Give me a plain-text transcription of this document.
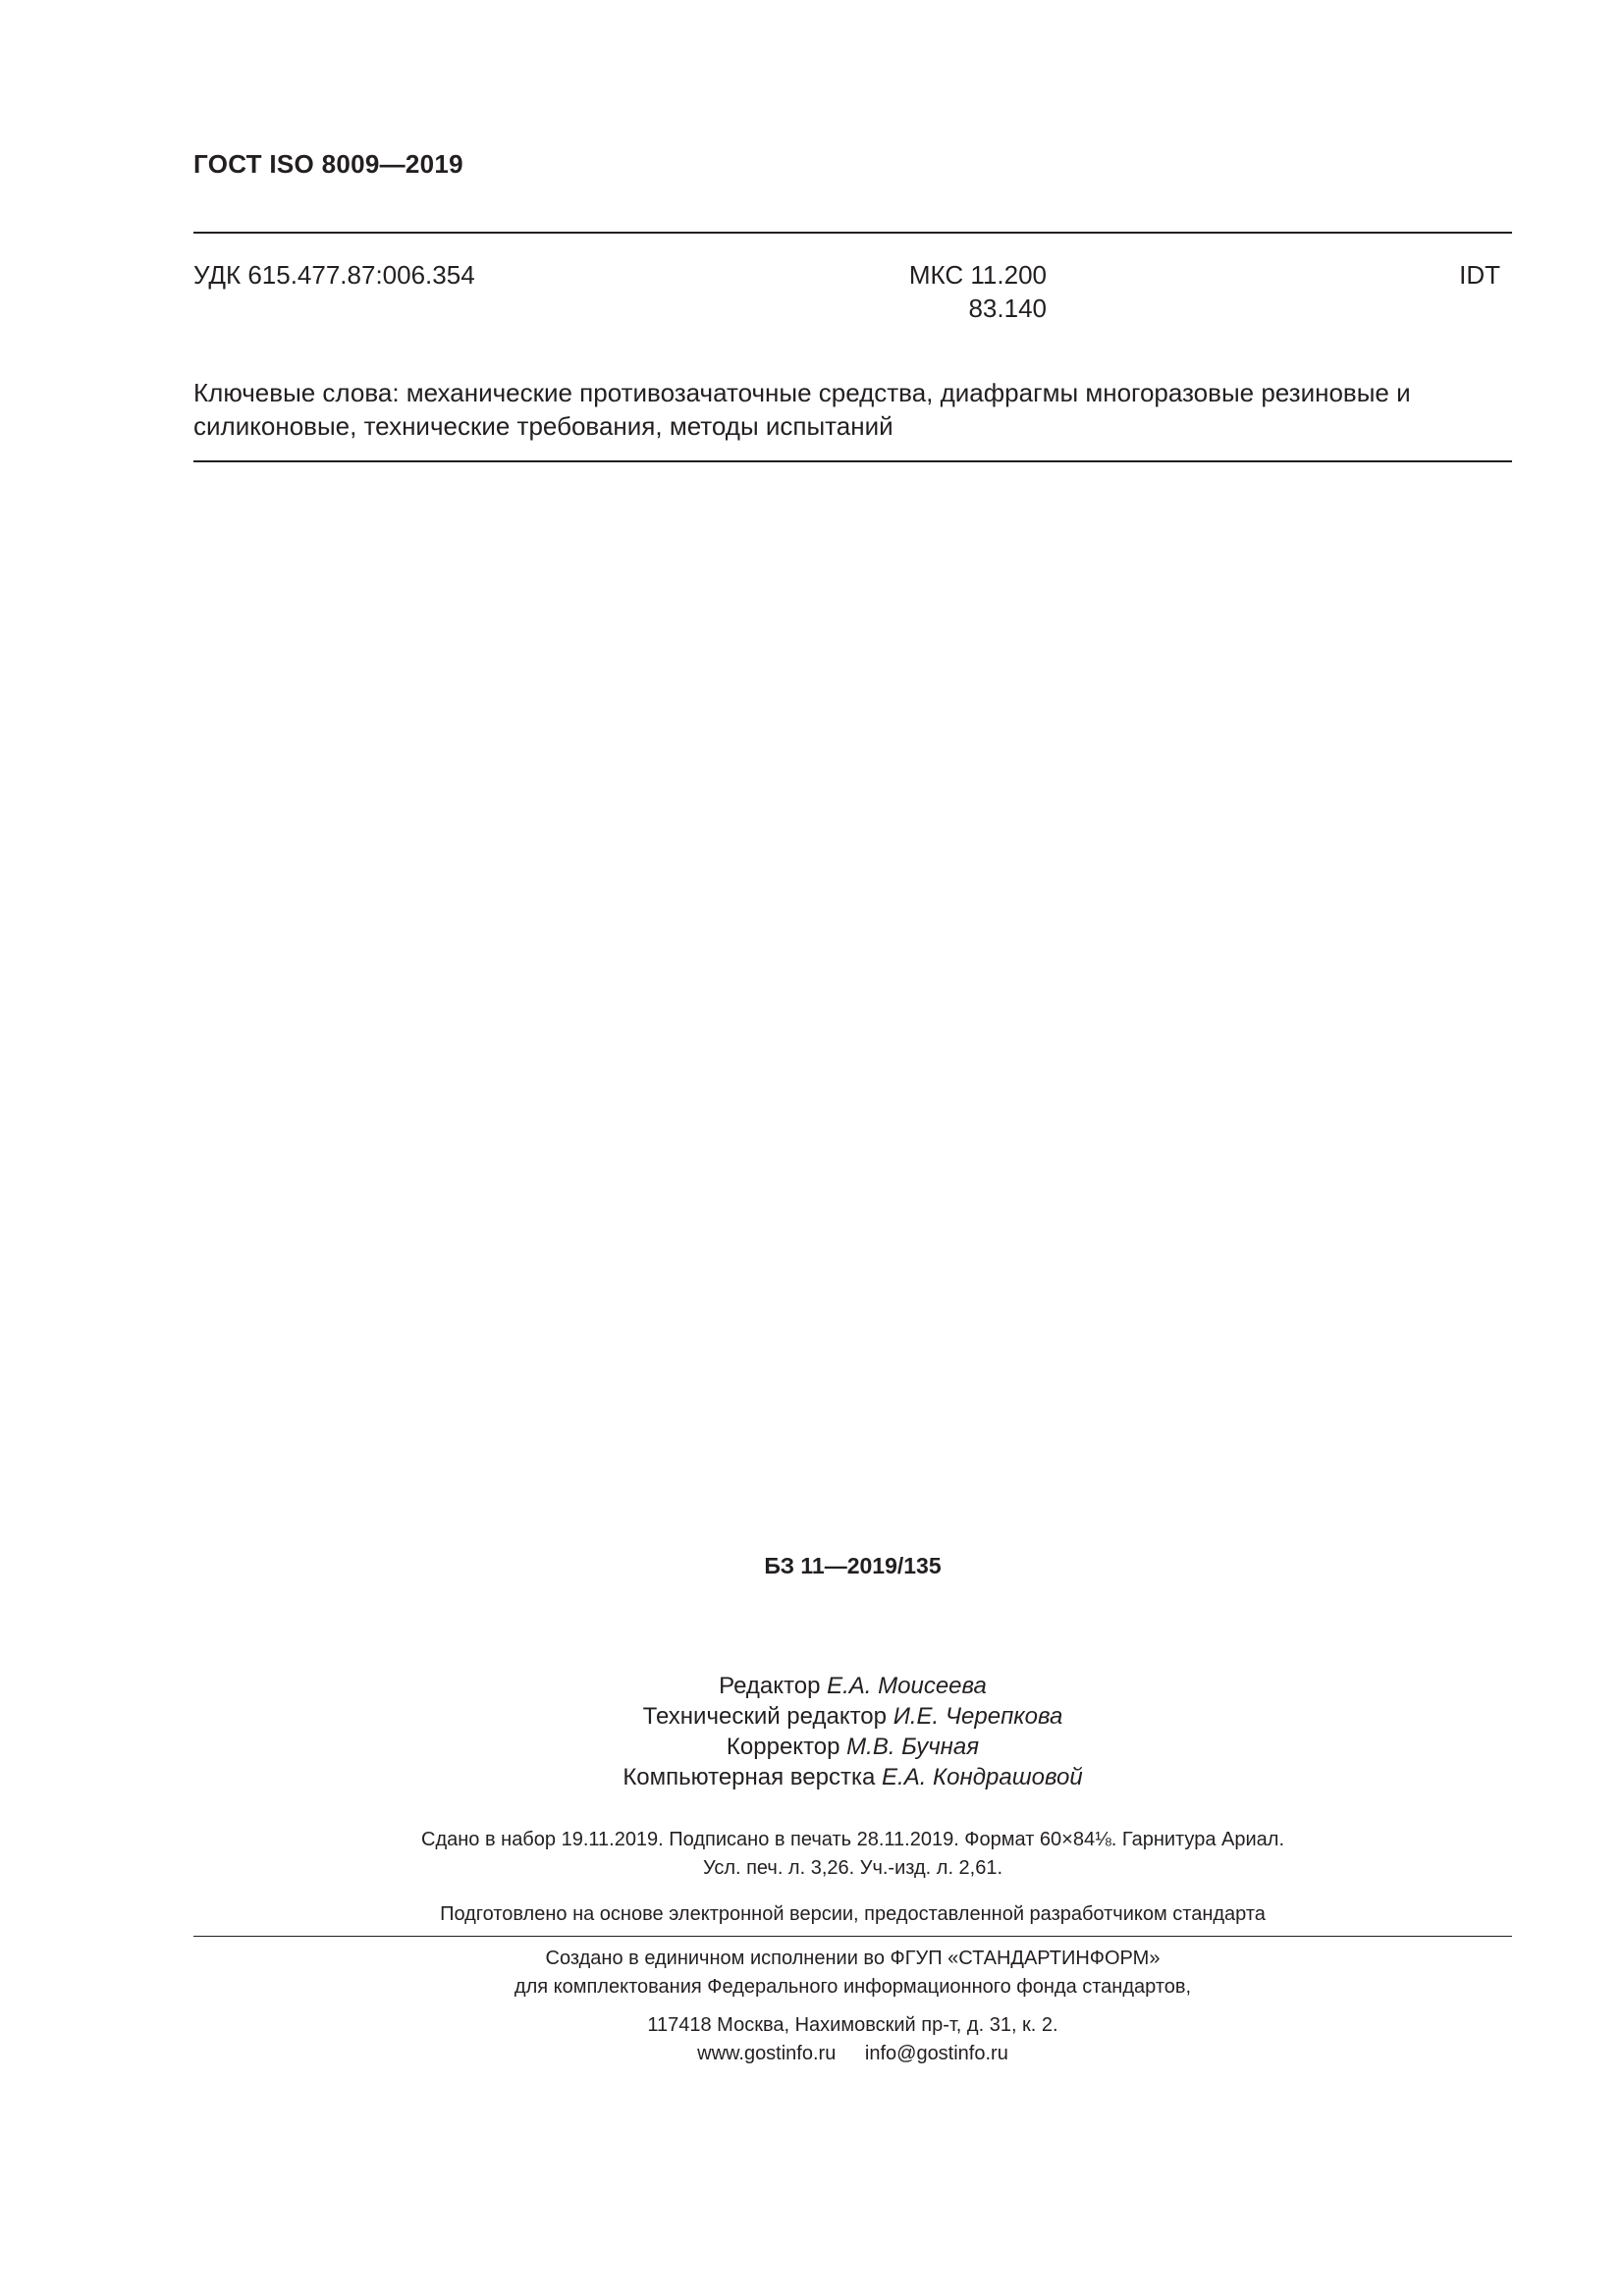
ГОСТ ISO 8009—2019
УДК 615.477.87:006.354	МКС 11.200
83.140
IDT
Ключевые слова: механические противозачаточные средства, диафрагмы многоразовые резиновые и силиконовые, технические требования, методы испытаний
БЗ 11—2019/135
Редактор Е.А. Моисеева
Технический редактор И.Е. Черепкова
Корректор М.В. Бучная
Компьютерная верстка Е.А. Кондрашовой
Сдано в набор 19.11.2019. Подписано в печать 28.11.2019. Формат 60×84⅛. Гарнитура Ариал.
Усл. печ. л. 3,26. Уч.-изд. л. 2,61.
Подготовлено на основе электронной версии, предоставленной разработчиком стандарта
Создано в единичном исполнении во ФГУП «СТАНДАРТИНФОРМ»
для комплектования Федерального информационного фонда стандартов,
117418 Москва, Нахимовский пр-т, д. 31, к. 2.
www.gostinfo.ru info@gostinfo.ru
